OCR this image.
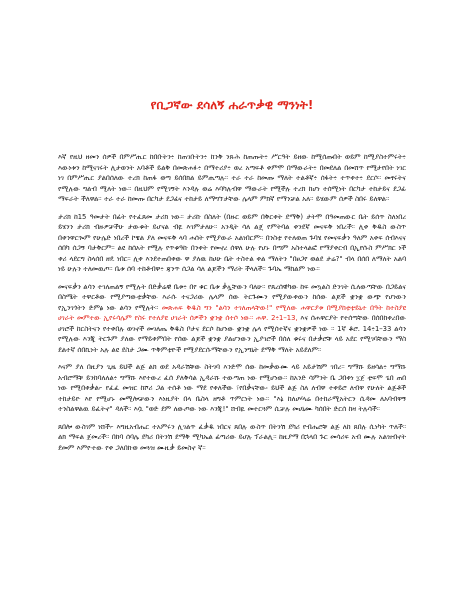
የቢጋኛው ደሳለኝ ሐራጥቃዊ ማንነት!

እኛ የዚህ ዘመን ሰዎች በምሥጢር ከበቡትን፥ ከጠገቡትን፥ ከንቅ ንጹሕ ከጠጡት፥ ሥርዓት ይዘው ከሚሰጡበት ወይም ከሚያስተምሩት፥ እውነቱን ከሚናገሩት ሊታወንት አባቶች ይልቅ በመጽሐፉ፥ በማተሪያ፥ ወረ አጣፍቶ ቀምሞ በማውራት፥ በመደለል በመሸጥ የሚታየበት ነገር ነገ በምሥጢር ያልበሰለው ተረክ ከጠፋ ወጣ ይሰበክል ይምጢጣሉ። ተራ ተራ ከመጡ ማለት ተልቶኛ፥ ሰፋት፥ ተጥቀተ፥ ደርሶ። መፃሩትና የሚሉው ግልብ ሚለት ነው። በዚህም የሚገኝት እንዳሉ ወሬ እባካሉብዋ ማውራት የሚችሉ ተረክ ከሆነ ተሰሚነት በርካታ ተከታይና ደጋፊ ማፍራት ችለዋል። ተራ ተራ ከመጡ በርካታ ደጋፊና ተከታይ ለማግኘታቸው ሌላም ምክኛ የማንቻል አለ። ይሄውም ሰዎች ስበሩ ይለዋል።

ታሪክ ከ15 ዓመታት በፊት የተፈጸመ ታሪክ ነው። ታሪኩ በስለት (በዙር ወይም በቅርቀት ደማቅ) ታትሞ በዓመጠውር ቤት ይሰጥ ስለነበረ ይሄንን ታሪክ ብዙዎቻችሁ ታውቁት ይሆናል ብዬ እገምታለሁ። አንዲት ሳለ ልጄ የምትባል ቀንደኛ መናፍቅ ነበረች። ሊቀ ቅዱስ ውስጥ በቀንዋርጐም የሁሌድ ነበረች ኮዌል ያለ መናፍቅ ላባ ሐሰት የሚያውራ አልነበርም። በንስቲ የተለወጠ ጉባሄ የመናፍቃን ዓለም አቀፍ ሰብእናና ሰበካ ሰጋኝ ባታቅርም። ልዩ ከሰአት የሚሉ የጥቁዓኩ በንቀት የመኖረ ሰዋለ ሁሉ የሆኑ በጣም አስተላልፎ የማያቀርብ በኢየሱስ ምሥክር ነች ቀሪ ላደርግ ስላሰበ ዘዴ ነበር። ሊቀ እንደተጠበቀው ዋ ያለዉ ከሀሁ ቤት ተስተል ቀል ማለትን "በፀጋየ ወልደ ታሬ?" ብላ በሰበ ለማለት አልባ ነይ ሁሉን ተለመዉጦ። ቤቱ ሰባ ተከቶብዋ፥ ጃንጥ ሰጋል ሳለ ልጆችን ማሪት ችላለች። ጉባኤ ማከልም ነው።

መናፍቃን ልሳን ተገለጠልኝ የሚሉት በድቃሬዊ ቤቱ፥ በየ ቁር ቤቱ ቃሏቸውን ባለሁ። የጸረሰዊካው ከፍ መኳልስ ድንገት ሲለውጣቸው በጋይልና በስሜት ተዋርቶው የሚያጣውቲቃቸው እራሱ ተናጋሪው ሌላም ሰው ትርጉሙን የሚያውቀውን ከሰው ልጆች ቋንቋ ውጭ የሆነውን የኢንገጎትን ድምፅ ነው ልሳን የሚሉት። መጽሐፍ ቅዱስ ግን "ልሳን ተገለጠላቸው!" የሚለው ሐዋርያቱ በሚያከቲቲይኒተ በዓት ከተስያዩ ሀገራት መምተው ኢየሩሳሌም የስሩ የተለያዩ ሀገራት ሰዎችን ቋንቋ ሰተሶ ነው። ሐዋ. 2፥1–13, እና ሰሐዋርያት የተሰጣቸው በሰበከቀረበው ሀገሮች ከርስትናን የተቀበሉ ወገኖች መገለጤ ቅዱስ ቦታና ደርሶ ከሆነው ቋንቋ ሌላ የሚሰተኛና ቋንቋዎች ነው ። 1ኛ ቆሮ. 14፥1–33 ልሳን የሚሉው እንጂ ትርጉም ያለው የማይቀምበት የሰው ልጆች ቋንቋ ያልሆንውን ኢያገሮች በሰለ ቁሩና በታቃሮቹ ላይ አደር የሚገባቸውን ማስ ደልተኛ ሰበኪነት አሉ ልዩ ደስታ ጋሙ ጥቅምቲዮች የሚያደርሱማቸውን የኢንግኒት ደማቅ ማለት አይደለም።

እናም ያለ በዚያን ጊዜ ይህች ልጅ ልክ ወደ አዳራሽቹው ስትገባ እንድሞ ሰው ከመቃውሙ ላይ አይታሽም ገበረ። ግማሹ ይዘሳል፥ ግማሹ አብሮማቹ ይንከባለለል፥ ግማሹ እየተውረ ፈሰ ያለቅሳል ኢዳራሹ ተውጣጠ ነው የሚሆነው። ከአንድ ሳምንት ቤ ጋበቀነ ፲ጀ ቲፍሞ ጌበ ጠበ ነው የሚበቀቃል፦ የፈፈ መዝር ከሾሪ ጋል ተሰቶ ነው ማደ የቀለችው ፣የበቃናቸው፡ ይህች ልጅ ስለ ለብዋ ተቀይሮ ለብዋ የሁለት ልጅቶች ተከታይዮ እየ የሚሆኑ መሚሎቻውን እነዚያት በላ ቤስላ ዘግቶ ጥምርነት ነው። "እኔ ከለሀሃላሬ በተከራሚአትርን ሲዳመ ለአባብዋኝ ተንስልዋልዉ ይፈትኖ" ዳለች። እሷ "ወድ ደም ለውጦው ነው እንጂ!" ሸብዪ መተርጓም ሲቻሉ መሀኒሙ ካሰበት ድርሰ ከዛ ትሉሳች።

ጸበሎ ውስገም ነሸች፦ እግዚአብሔር ተአምሩን ሊገልጥ ፈቃዱ ነበርና ጸበሉ ውስጥ በትንሽ ደካሪ የብሔሮቹ ልጅ ለከ ጸበሉ ሲነካት ጥለች። ልክ ማፍል ጀመረች። በከባ ሰባሌ ደካሪ በትንሽ ደማቅ ሚካኤል ፊጣሪው ይሆሉ ፕራልሊ። ከዚያማ በኋላበ ጉር መሳሪፍ አብ ሙሉ አልዝብኖት ደመም እምዮተው የቀ ጋለበኩወ መጓዝ ሙዚቃ ይመስኖ ኛ።
